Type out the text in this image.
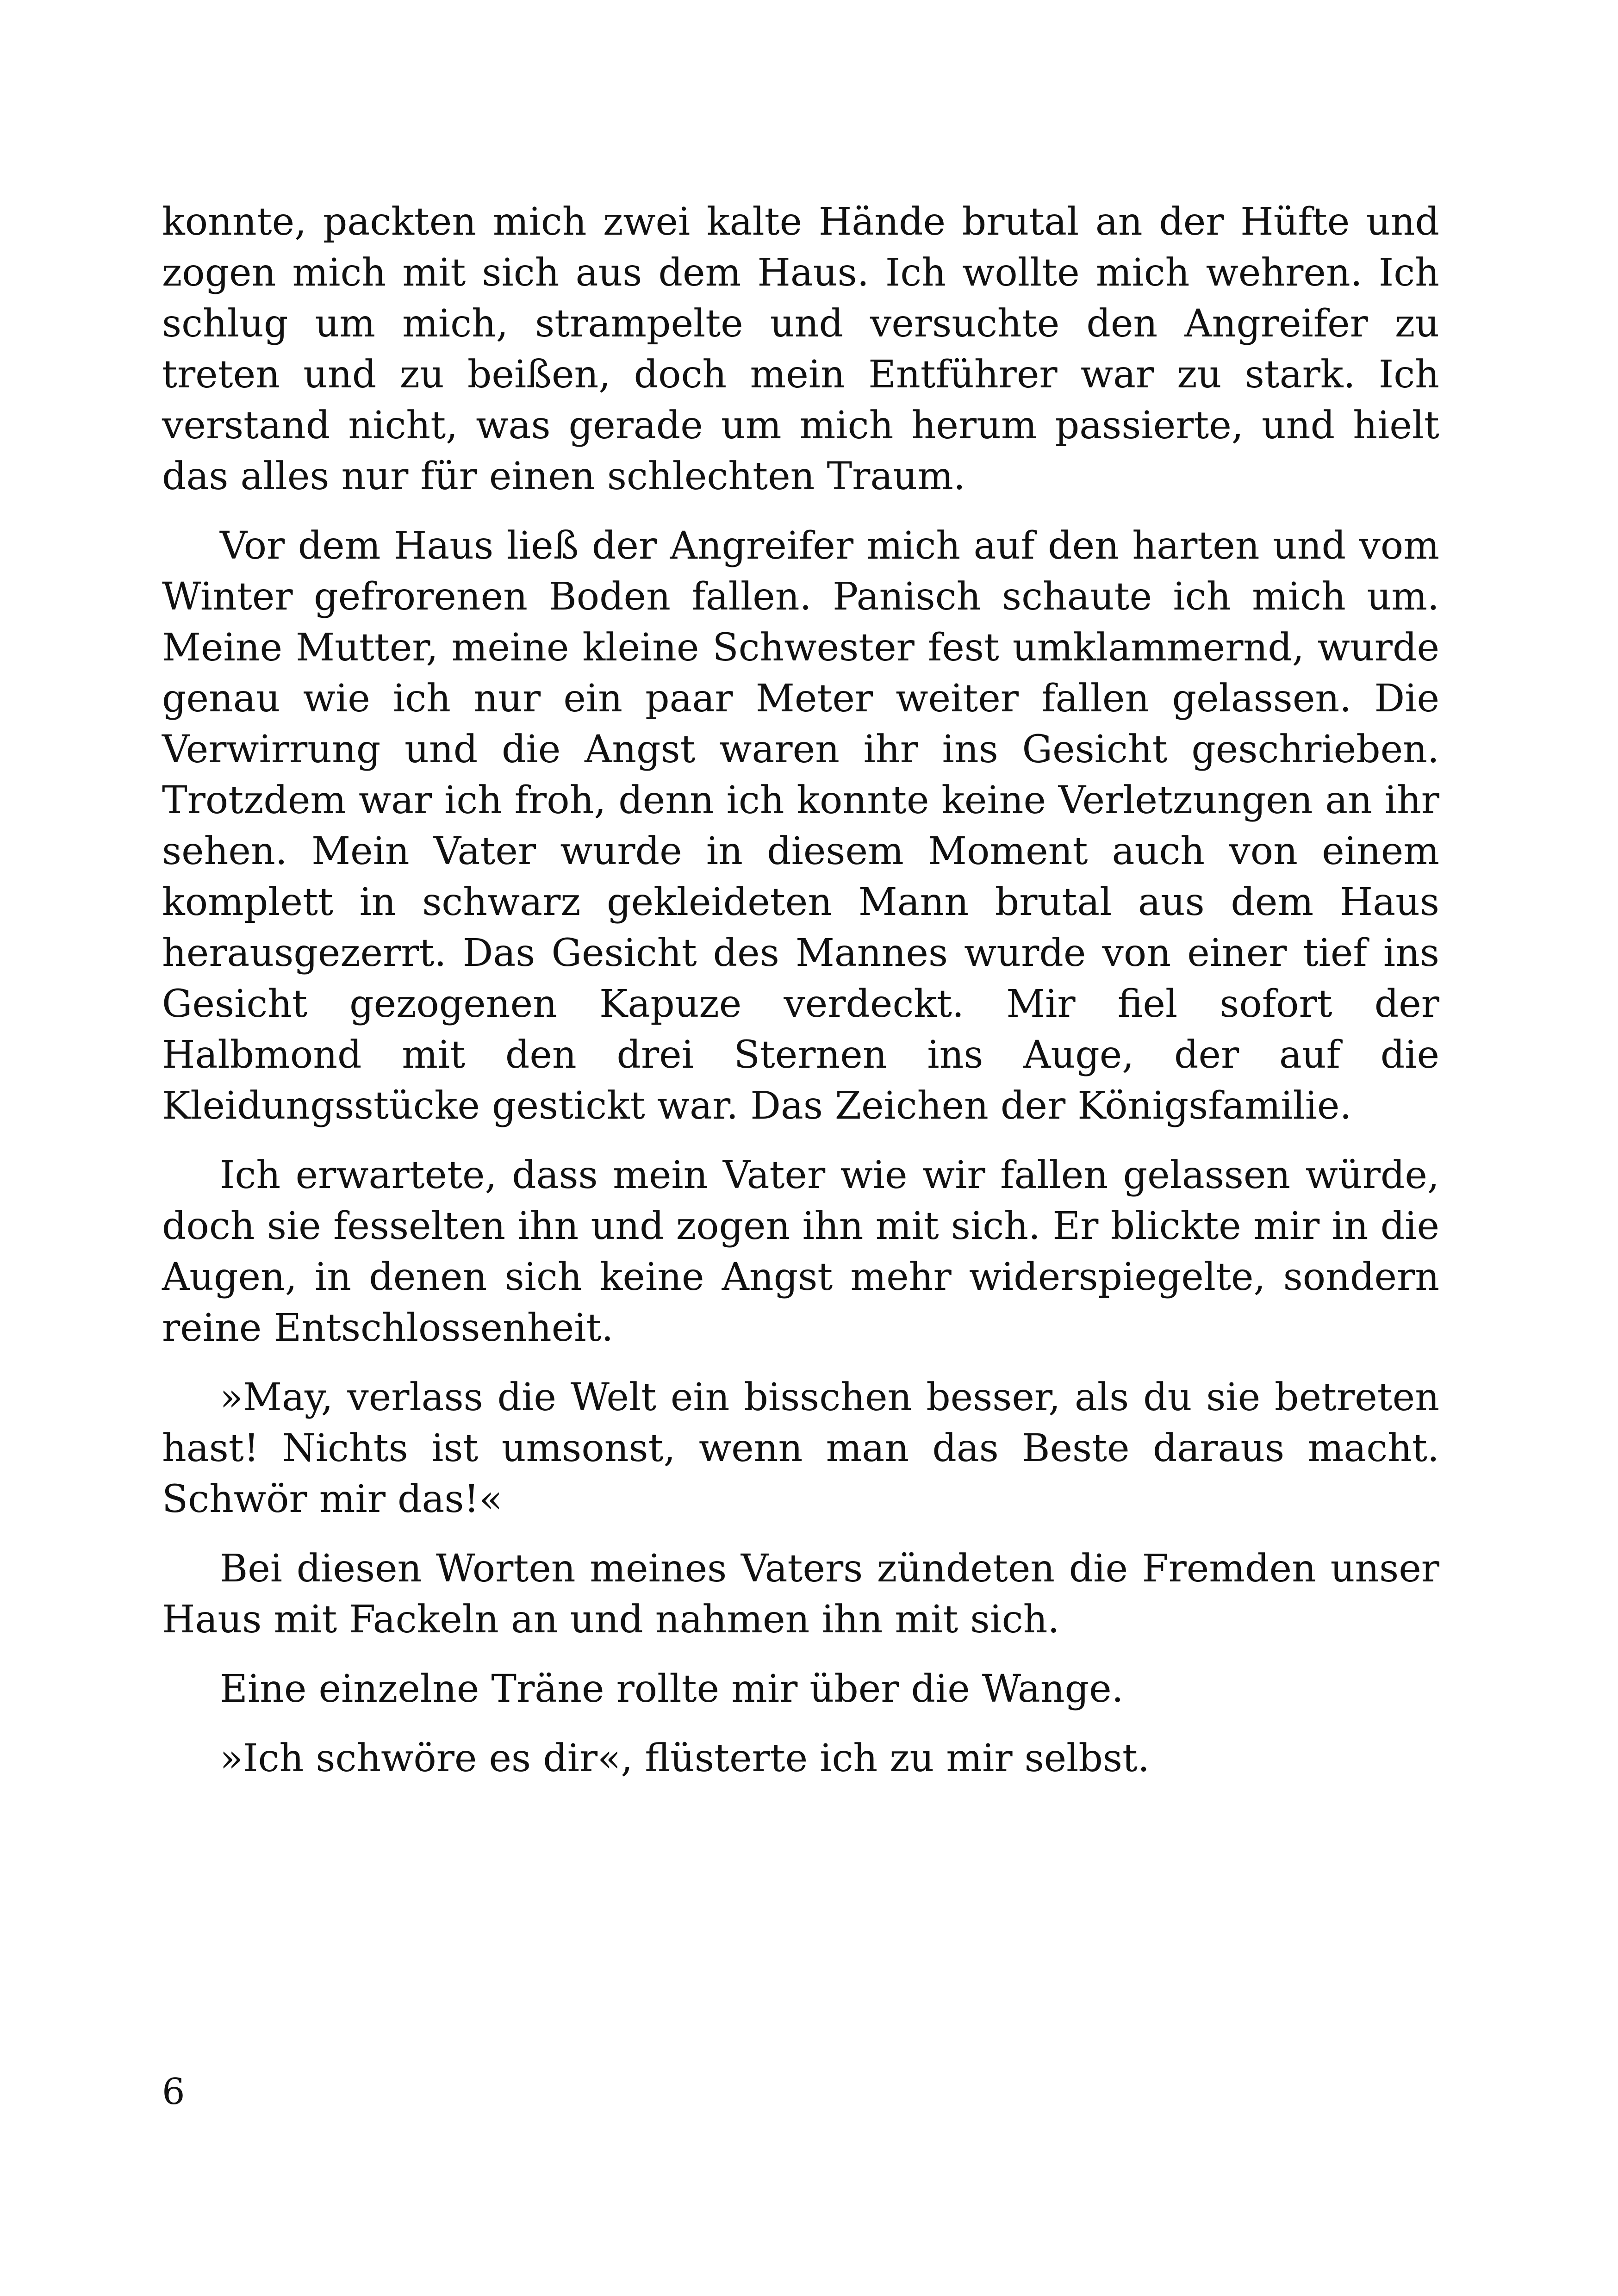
konnte, packten mich zwei kalte Hände brutal an der Hüfte und zogen mich mit sich aus dem Haus. Ich wollte mich wehren. Ich schlug um mich, strampelte und versuchte den Angreifer zu treten und zu beißen, doch mein Entführer war zu stark. Ich verstand nicht, was gerade um mich herum passierte, und hielt das alles nur für einen schlechten Traum.

Vor dem Haus ließ der Angreifer mich auf den harten und vom Winter gefrorenen Boden fallen. Panisch schaute ich mich um. Meine Mutter, meine kleine Schwester fest umklammernd, wurde genau wie ich nur ein paar Meter weiter fallen gelassen. Die Verwirrung und die Angst waren ihr ins Gesicht geschrieben. Trotzdem war ich froh, denn ich konnte keine Verletzungen an ihr sehen. Mein Vater wurde in diesem Moment auch von einem komplett in schwarz gekleideten Mann brutal aus dem Haus herausgezerrt. Das Gesicht des Mannes wurde von einer tief ins Gesicht gezogenen Kapuze verdeckt. Mir fiel sofort der Halbmond mit den drei Sternen ins Auge, der auf die Kleidungsstücke gestickt war. Das Zeichen der Königsfamilie.

Ich erwartete, dass mein Vater wie wir fallen gelassen würde, doch sie fesselten ihn und zogen ihn mit sich. Er blickte mir in die Augen, in denen sich keine Angst mehr widerspiegelte, sondern reine Entschlossenheit.

»May, verlass die Welt ein bisschen besser, als du sie betreten hast! Nichts ist umsonst, wenn man das Beste daraus macht. Schwör mir das!«

Bei diesen Worten meines Vaters zündeten die Fremden unser Haus mit Fackeln an und nahmen ihn mit sich.

Eine einzelne Träne rollte mir über die Wange.

»Ich schwöre es dir«, flüsterte ich zu mir selbst.

6
